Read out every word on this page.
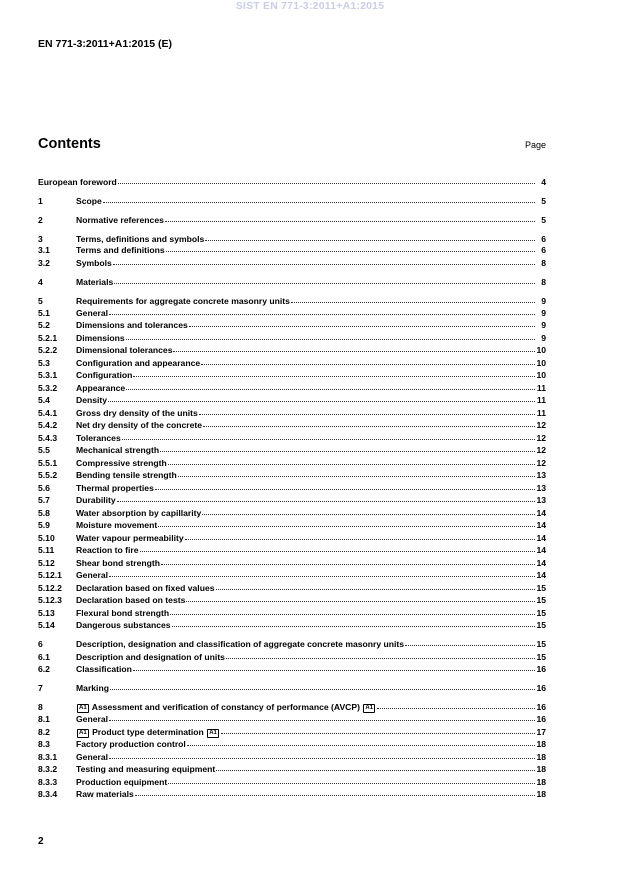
SIST EN 771-3:2011+A1:2015
EN 771-3:2011+A1:2015 (E)
Contents	Page
European foreword	4
1	Scope	5
2	Normative references	5
3	Terms, definitions and symbols	6
3.1	Terms and definitions	6
3.2	Symbols	8
4	Materials	8
5	Requirements for aggregate concrete masonry units	9
5.1	General	9
5.2	Dimensions and tolerances	9
5.2.1	Dimensions	9
5.2.2	Dimensional tolerances	10
5.3	Configuration and appearance	10
5.3.1	Configuration	10
5.3.2	Appearance	11
5.4	Density	11
5.4.1	Gross dry density of the units	11
5.4.2	Net dry density of the concrete	12
5.4.3	Tolerances	12
5.5	Mechanical strength	12
5.5.1	Compressive strength	12
5.5.2	Bending tensile strength	13
5.6	Thermal properties	13
5.7	Durability	13
5.8	Water absorption by capillarity	14
5.9	Moisture movement	14
5.10	Water vapour permeability	14
5.11	Reaction to fire	14
5.12	Shear bond strength	14
5.12.1	General	14
5.12.2	Declaration based on fixed values	15
5.12.3	Declaration based on tests	15
5.13	Flexural bond strength	15
5.14	Dangerous substances	15
6	Description, designation and classification of aggregate concrete masonry units	15
6.1	Description and designation of units	15
6.2	Classification	16
7	Marking	16
8	A1 Assessment and verification of constancy of performance (AVCP) A1	16
8.1	General	16
8.2	A1 Product type determination A1	17
8.3	Factory production control	18
8.3.1	General	18
8.3.2	Testing and measuring equipment	18
8.3.3	Production equipment	18
8.3.4	Raw materials	18
2
